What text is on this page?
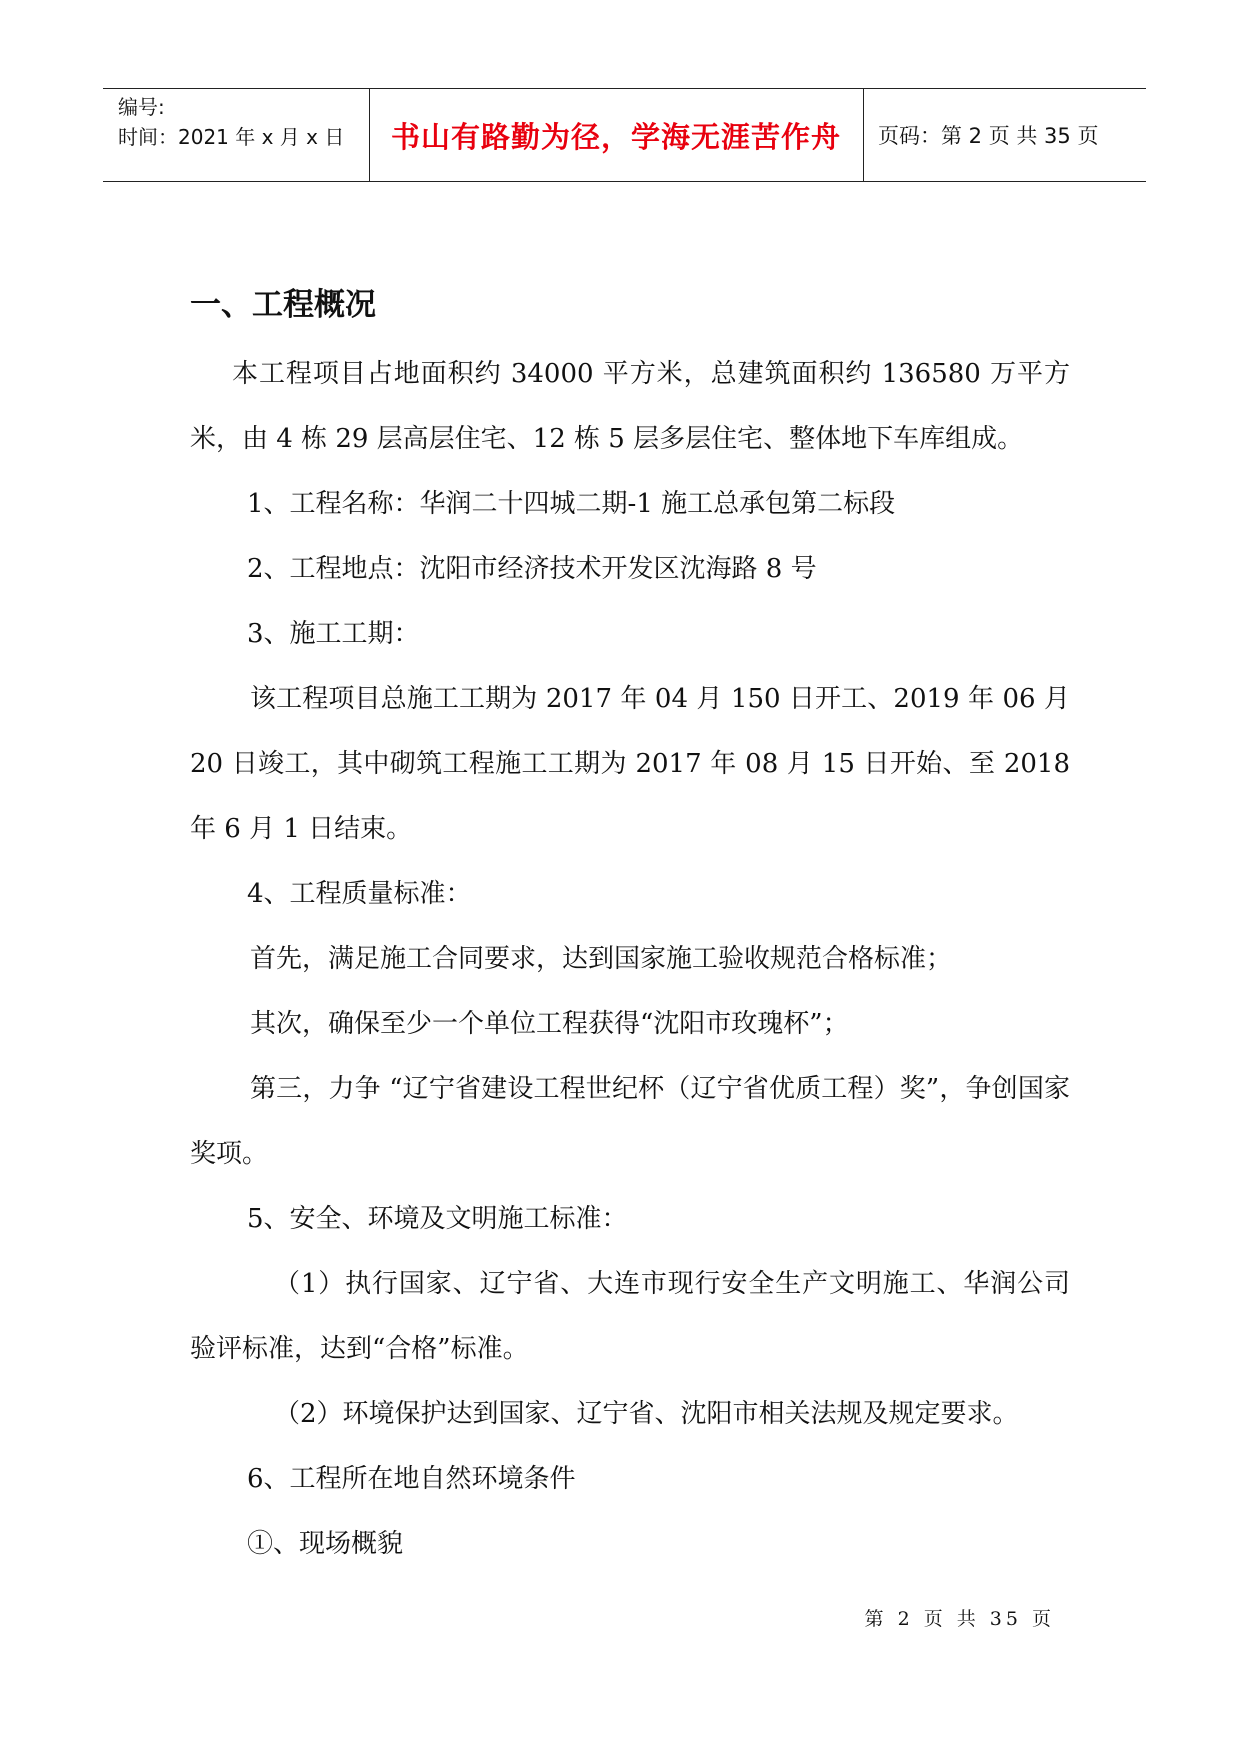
编号:
时间：2021 年 x 月 x 日	书山有路勤为径，学海无涯苦作舟	页码：第 2 页 共 35 页
一、工程概况

本工程项目占地面积约 34000 平方米，总建筑面积约 136580 万平方米，由 4 栋 29 层高层住宅、12 栋 5 层多层住宅、整体地下车库组成。

1、工程名称：华润二十四城二期-1 施工总承包第二标段

2、工程地点：沈阳市经济技术开发区沈海路 8 号

3、施工工期：

该工程项目总施工工期为 2017 年 04 月 150 日开工、2019 年 06 月 20 日竣工，其中砌筑工程施工工期为 2017 年 08 月 15 日开始、至 2018 年 6 月 1 日结束。

4、工程质量标准：

首先，满足施工合同要求，达到国家施工验收规范合格标准；

其次，确保至少一个单位工程获得“沈阳市玫瑰杯”；

第三，力争 “辽宁省建设工程世纪杯（辽宁省优质工程）奖”，争创国家奖项。

5、安全、环境及文明施工标准：

（1）执行国家、辽宁省、大连市现行安全生产文明施工、华润公司验评标准，达到“合格”标准。

（2）环境保护达到国家、辽宁省、沈阳市相关法规及规定要求。

6、工程所在地自然环境条件

①、现场概貌

第 2 页 共 35 页
